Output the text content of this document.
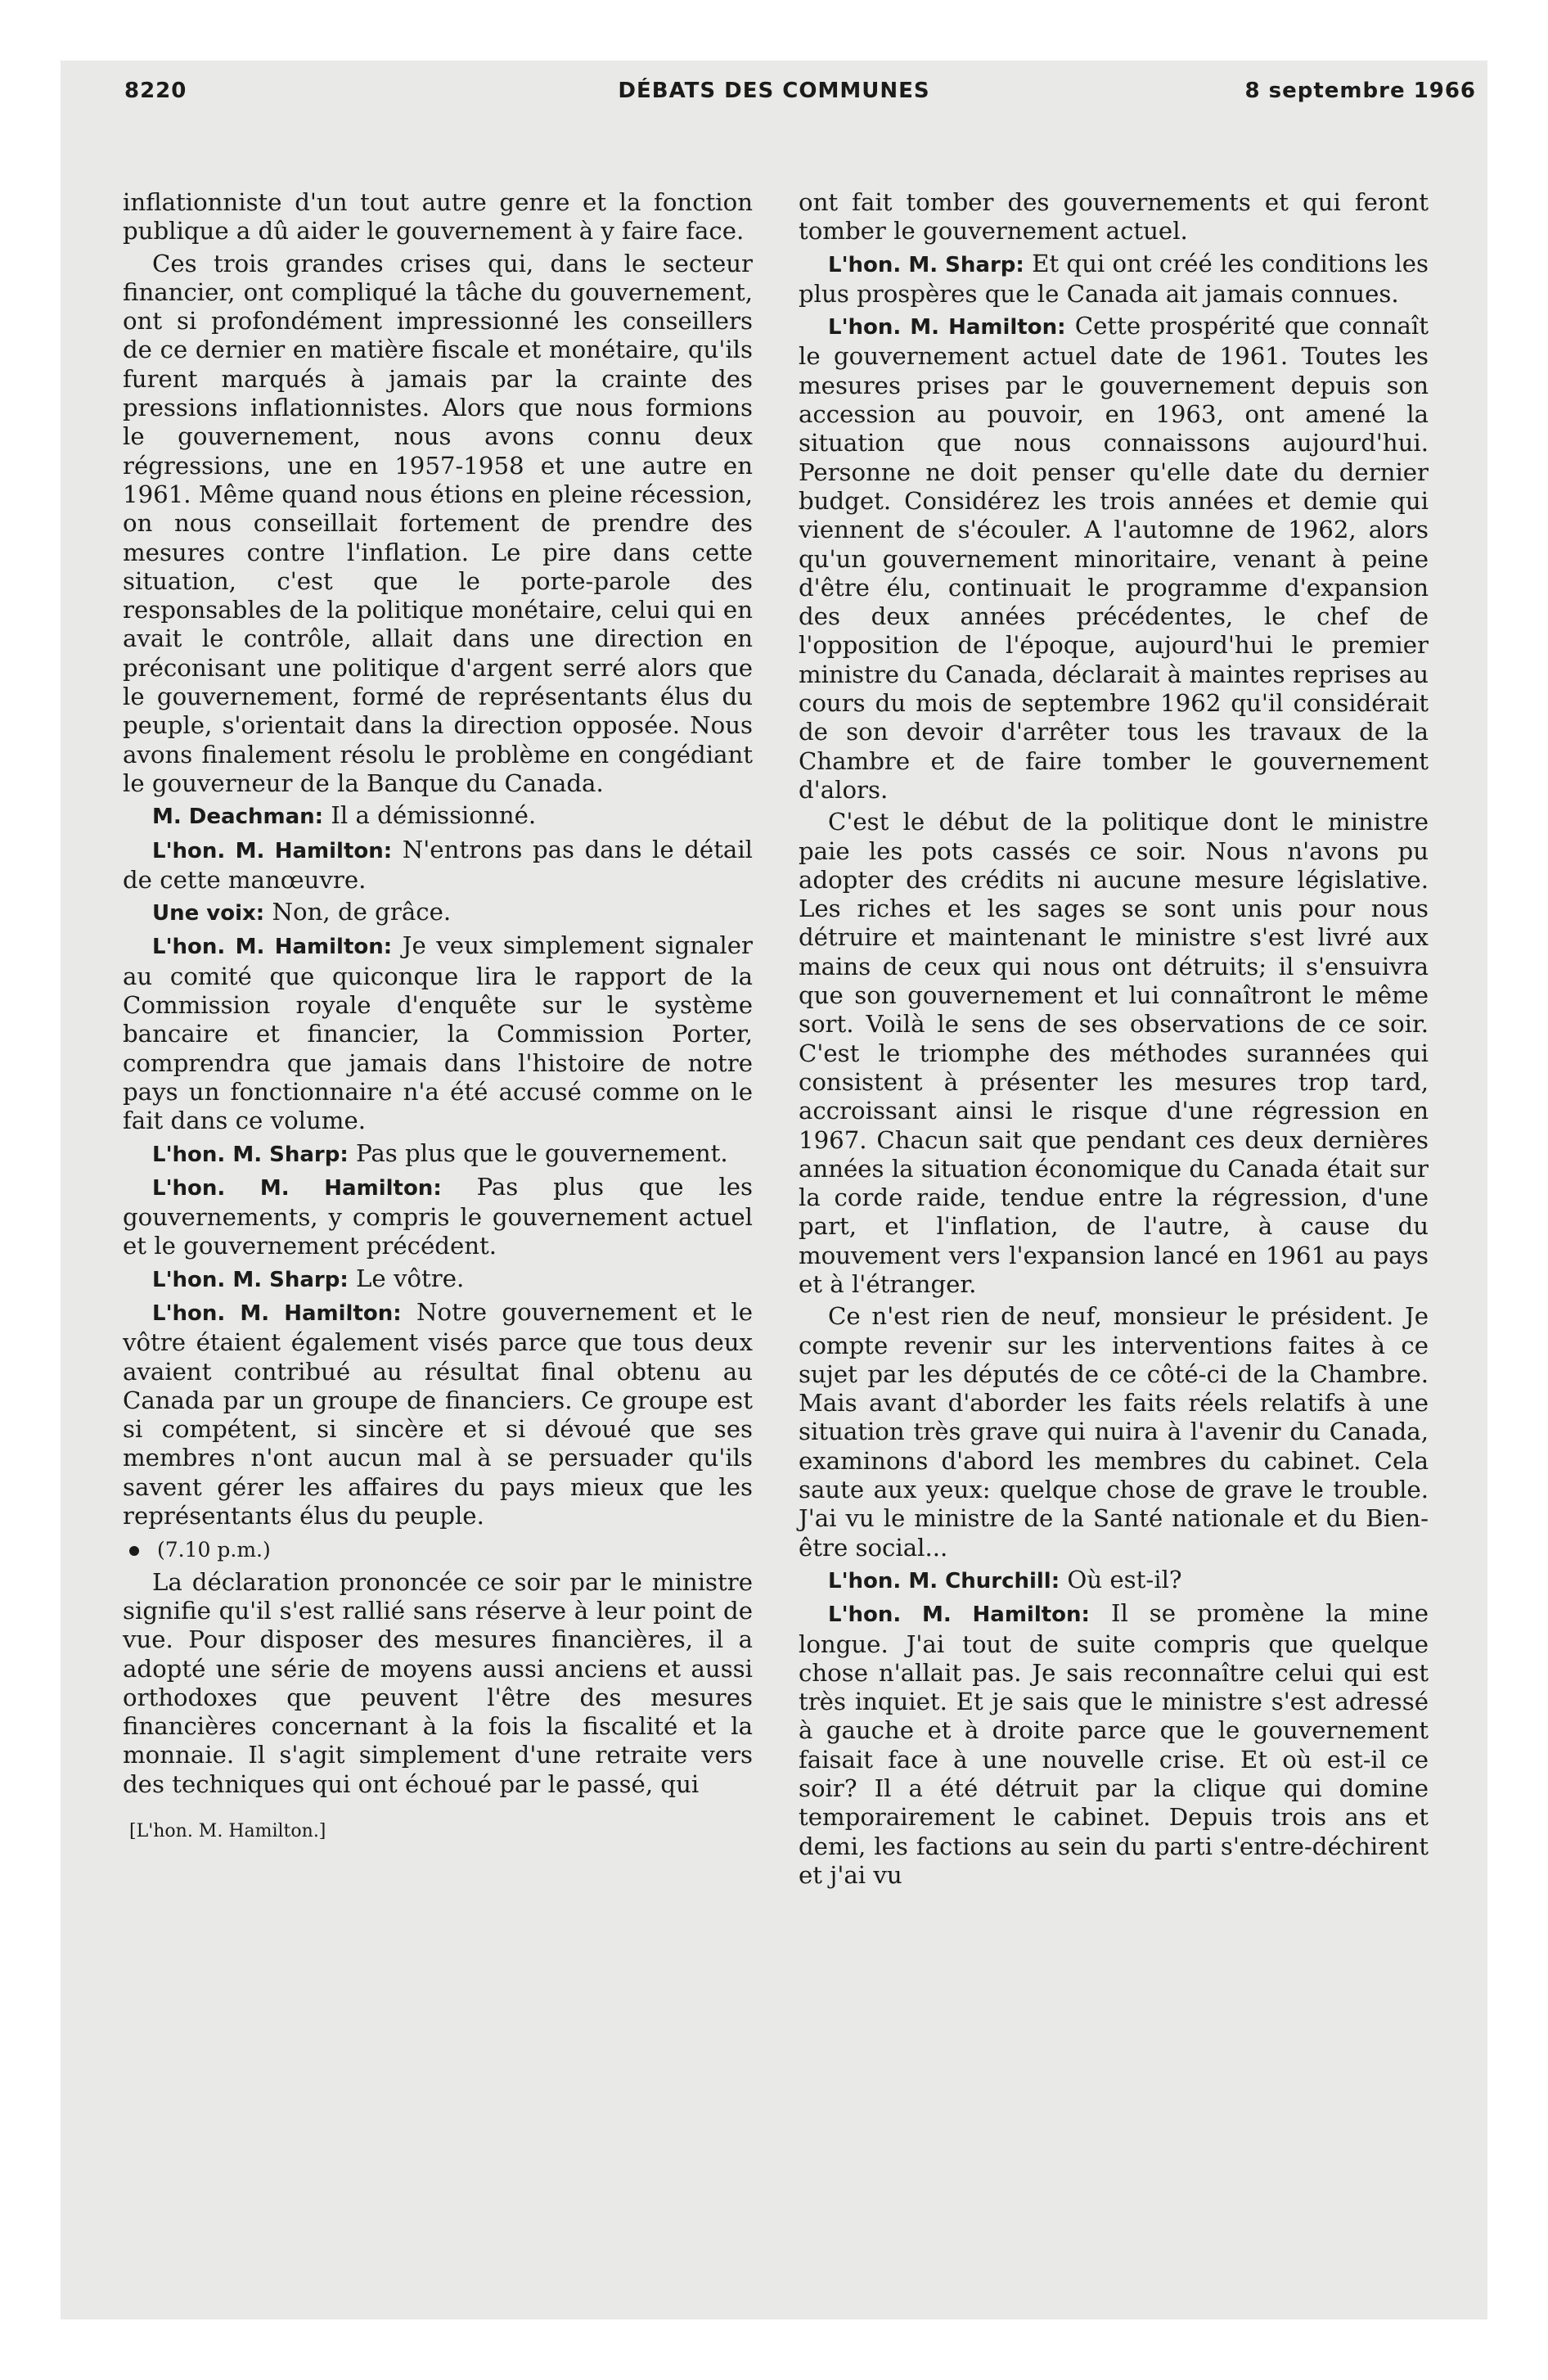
8220	DÉBATS DES COMMUNES	8 septembre 1966

inflationniste d'un tout autre genre et la fonction publique a dû aider le gouvernement à y faire face.

Ces trois grandes crises qui, dans le secteur financier, ont compliqué la tâche du gouvernement, ont si profondément impressionné les conseillers de ce dernier en matière fiscale et monétaire, qu'ils furent marqués à jamais par la crainte des pressions inflationnistes. Alors que nous formions le gouvernement, nous avons connu deux régressions, une en 1957-1958 et une autre en 1961. Même quand nous étions en pleine récession, on nous conseillait fortement de prendre des mesures contre l'inflation. Le pire dans cette situation, c'est que le porte-parole des responsables de la politique monétaire, celui qui en avait le contrôle, allait dans une direction en préconisant une politique d'argent serré alors que le gouvernement, formé de représentants élus du peuple, s'orientait dans la direction opposée. Nous avons finalement résolu le problème en congédiant le gouverneur de la Banque du Canada.

M. Deachman: Il a démissionné.

L'hon. M. Hamilton: N'entrons pas dans le détail de cette manœuvre.

Une voix: Non, de grâce.

L'hon. M. Hamilton: Je veux simplement signaler au comité que quiconque lira le rapport de la Commission royale d'enquête sur le système bancaire et financier, la Commission Porter, comprendra que jamais dans l'histoire de notre pays un fonctionnaire n'a été accusé comme on le fait dans ce volume.

L'hon. M. Sharp: Pas plus que le gouvernement.

L'hon. M. Hamilton: Pas plus que les gouvernements, y compris le gouvernement actuel et le gouvernement précédent.

L'hon. M. Sharp: Le vôtre.

L'hon. M. Hamilton: Notre gouvernement et le vôtre étaient également visés parce que tous deux avaient contribué au résultat final obtenu au Canada par un groupe de financiers. Ce groupe est si compétent, si sincère et si dévoué que ses membres n'ont aucun mal à se persuader qu'ils savent gérer les affaires du pays mieux que les représentants élus du peuple.

(7.10 p.m.)

La déclaration prononcée ce soir par le ministre signifie qu'il s'est rallié sans réserve à leur point de vue. Pour disposer des mesures financières, il a adopté une série de moyens aussi anciens et aussi orthodoxes que peuvent l'être des mesures financières concernant à la fois la fiscalité et la monnaie. Il s'agit simplement d'une retraite vers des techniques qui ont échoué par le passé, qui

[L'hon. M. Hamilton.]

ont fait tomber des gouvernements et qui feront tomber le gouvernement actuel.

L'hon. M. Sharp: Et qui ont créé les conditions les plus prospères que le Canada ait jamais connues.

L'hon. M. Hamilton: Cette prospérité que connaît le gouvernement actuel date de 1961. Toutes les mesures prises par le gouvernement depuis son accession au pouvoir, en 1963, ont amené la situation que nous connaissons aujourd'hui. Personne ne doit penser qu'elle date du dernier budget. Considérez les trois années et demie qui viennent de s'écouler. A l'automne de 1962, alors qu'un gouvernement minoritaire, venant à peine d'être élu, continuait le programme d'expansion des deux années précédentes, le chef de l'opposition de l'époque, aujourd'hui le premier ministre du Canada, déclarait à maintes reprises au cours du mois de septembre 1962 qu'il considérait de son devoir d'arrêter tous les travaux de la Chambre et de faire tomber le gouvernement d'alors.

C'est le début de la politique dont le ministre paie les pots cassés ce soir. Nous n'avons pu adopter des crédits ni aucune mesure législative. Les riches et les sages se sont unis pour nous détruire et maintenant le ministre s'est livré aux mains de ceux qui nous ont détruits; il s'ensuivra que son gouvernement et lui connaîtront le même sort. Voilà le sens de ses observations de ce soir. C'est le triomphe des méthodes surannées qui consistent à présenter les mesures trop tard, accroissant ainsi le risque d'une régression en 1967. Chacun sait que pendant ces deux dernières années la situation économique du Canada était sur la corde raide, tendue entre la régression, d'une part, et l'inflation, de l'autre, à cause du mouvement vers l'expansion lancé en 1961 au pays et à l'étranger.

Ce n'est rien de neuf, monsieur le président. Je compte revenir sur les interventions faites à ce sujet par les députés de ce côté-ci de la Chambre. Mais avant d'aborder les faits réels relatifs à une situation très grave qui nuira à l'avenir du Canada, examinons d'abord les membres du cabinet. Cela saute aux yeux: quelque chose de grave le trouble. J'ai vu le ministre de la Santé nationale et du Bien-être social...

L'hon. M. Churchill: Où est-il?

L'hon. M. Hamilton: Il se promène la mine longue. J'ai tout de suite compris que quelque chose n'allait pas. Je sais reconnaître celui qui est très inquiet. Et je sais que le ministre s'est adressé à gauche et à droite parce que le gouvernement faisait face à une nouvelle crise. Et où est-il ce soir? Il a été détruit par la clique qui domine temporairement le cabinet. Depuis trois ans et demi, les factions au sein du parti s'entre-déchirent et j'ai vu
